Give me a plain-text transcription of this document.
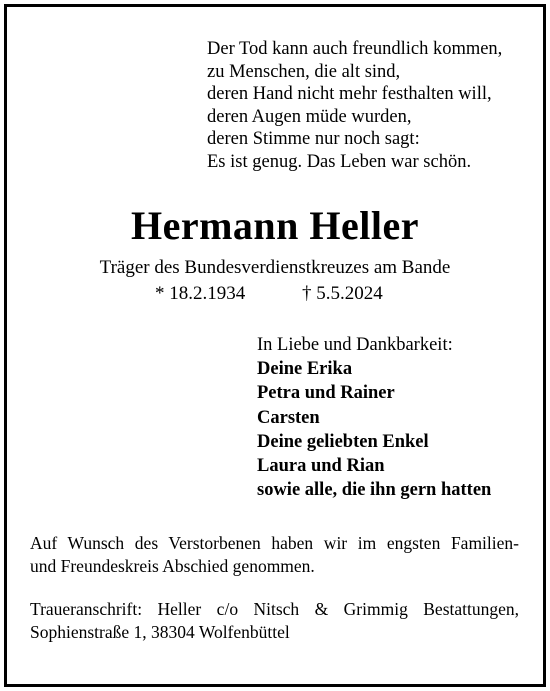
Der Tod kann auch freundlich kommen,
zu Menschen, die alt sind,
deren Hand nicht mehr festhalten will,
deren Augen müde wurden,
deren Stimme nur noch sagt:
Es ist genug. Das Leben war schön.
Hermann Heller
Träger des Bundesverdienstkreuzes am Bande
* 18.2.1934	† 5.5.2024
In Liebe und Dankbarkeit:
Deine Erika
Petra und Rainer
Carsten
Deine geliebten Enkel
Laura und Rian
sowie alle, die ihn gern hatten
Auf Wunsch des Verstorbenen haben wir im engsten Familien-
und Freundeskreis Abschied genommen.
Traueranschrift: Heller c/o Nitsch & Grimmig Bestattungen,
Sophienstraße 1, 38304 Wolfenbüttel
